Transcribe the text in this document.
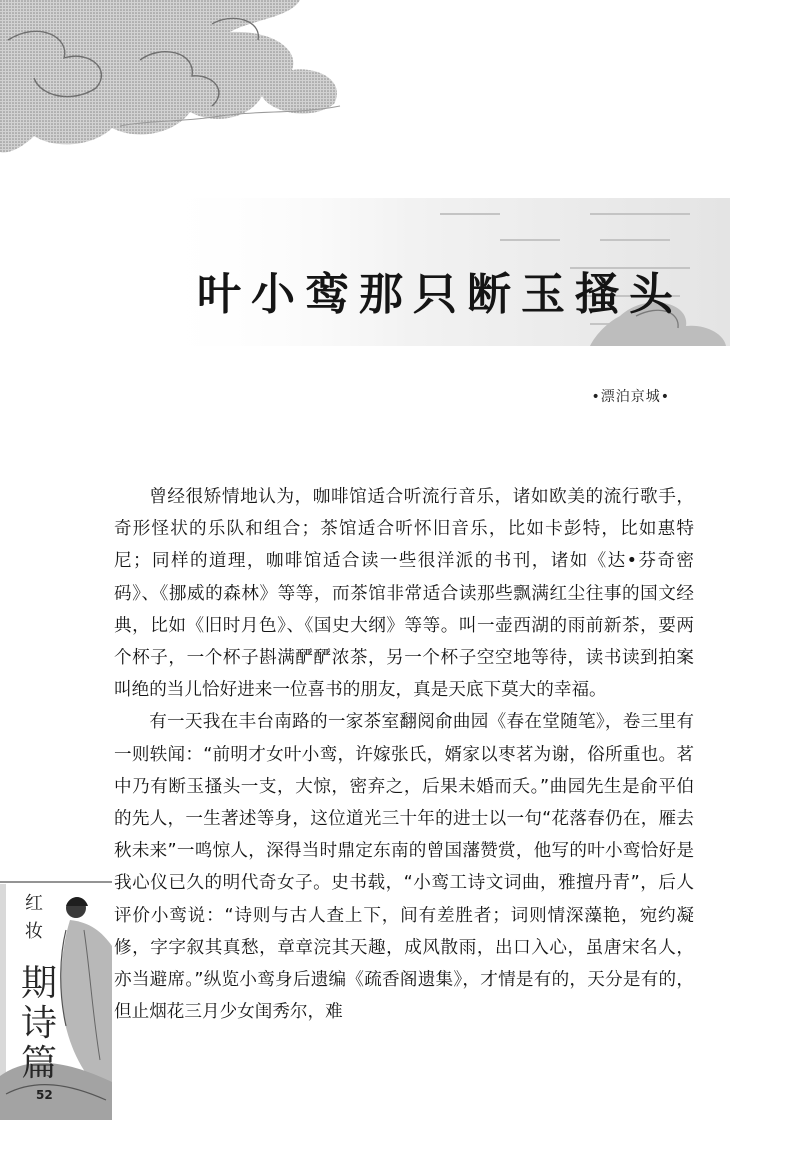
叶小鸾那只断玉搔头
•漂泊京城•

曾经很矫情地认为，咖啡馆适合听流行音乐，诸如欧美的流行歌手，奇形怪状的乐队和组合；茶馆适合听怀旧音乐，比如卡彭特，比如惠特尼；同样的道理，咖啡馆适合读一些很洋派的书刊，诸如《达•芬奇密码》、《挪威的森林》等等，而茶馆非常适合读那些飘满红尘往事的国文经典，比如《旧时月色》、《国史大纲》等等。叫一壶西湖的雨前新茶，要两个杯子，一个杯子斟满酽酽浓茶，另一个杯子空空地等待，读书读到拍案叫绝的当儿恰好进来一位喜书的朋友，真是天底下莫大的幸福。

有一天我在丰台南路的一家茶室翻阅俞曲园《春在堂随笔》，卷三里有一则轶闻：“前明才女叶小鸾，许嫁张氏，婿家以枣茗为谢，俗所重也。茗中乃有断玉搔头一支，大惊，密弃之，后果未婚而夭。”曲园先生是俞平伯的先人，一生著述等身，这位道光三十年的进士以一句“花落春仍在，雁去秋未来”一鸣惊人，深得当时鼎定东南的曾国藩赞赏，他写的叶小鸾恰好是我心仪已久的明代奇女子。史书载，“小鸾工诗文词曲，雅擅丹青”，后人评价小鸾说：“诗则与古人查上下，间有差胜者；词则情深藻艳，宛约凝修，字字叙其真愁，章章浣其天趣，成风散雨，出口入心，虽唐宋名人，亦当避席。”纵览小鸾身后遗编《疏香阁遗集》，才情是有的，天分是有的，但止烟花三月少女闺秀尔，难

红
妆
期
诗
篇
52
